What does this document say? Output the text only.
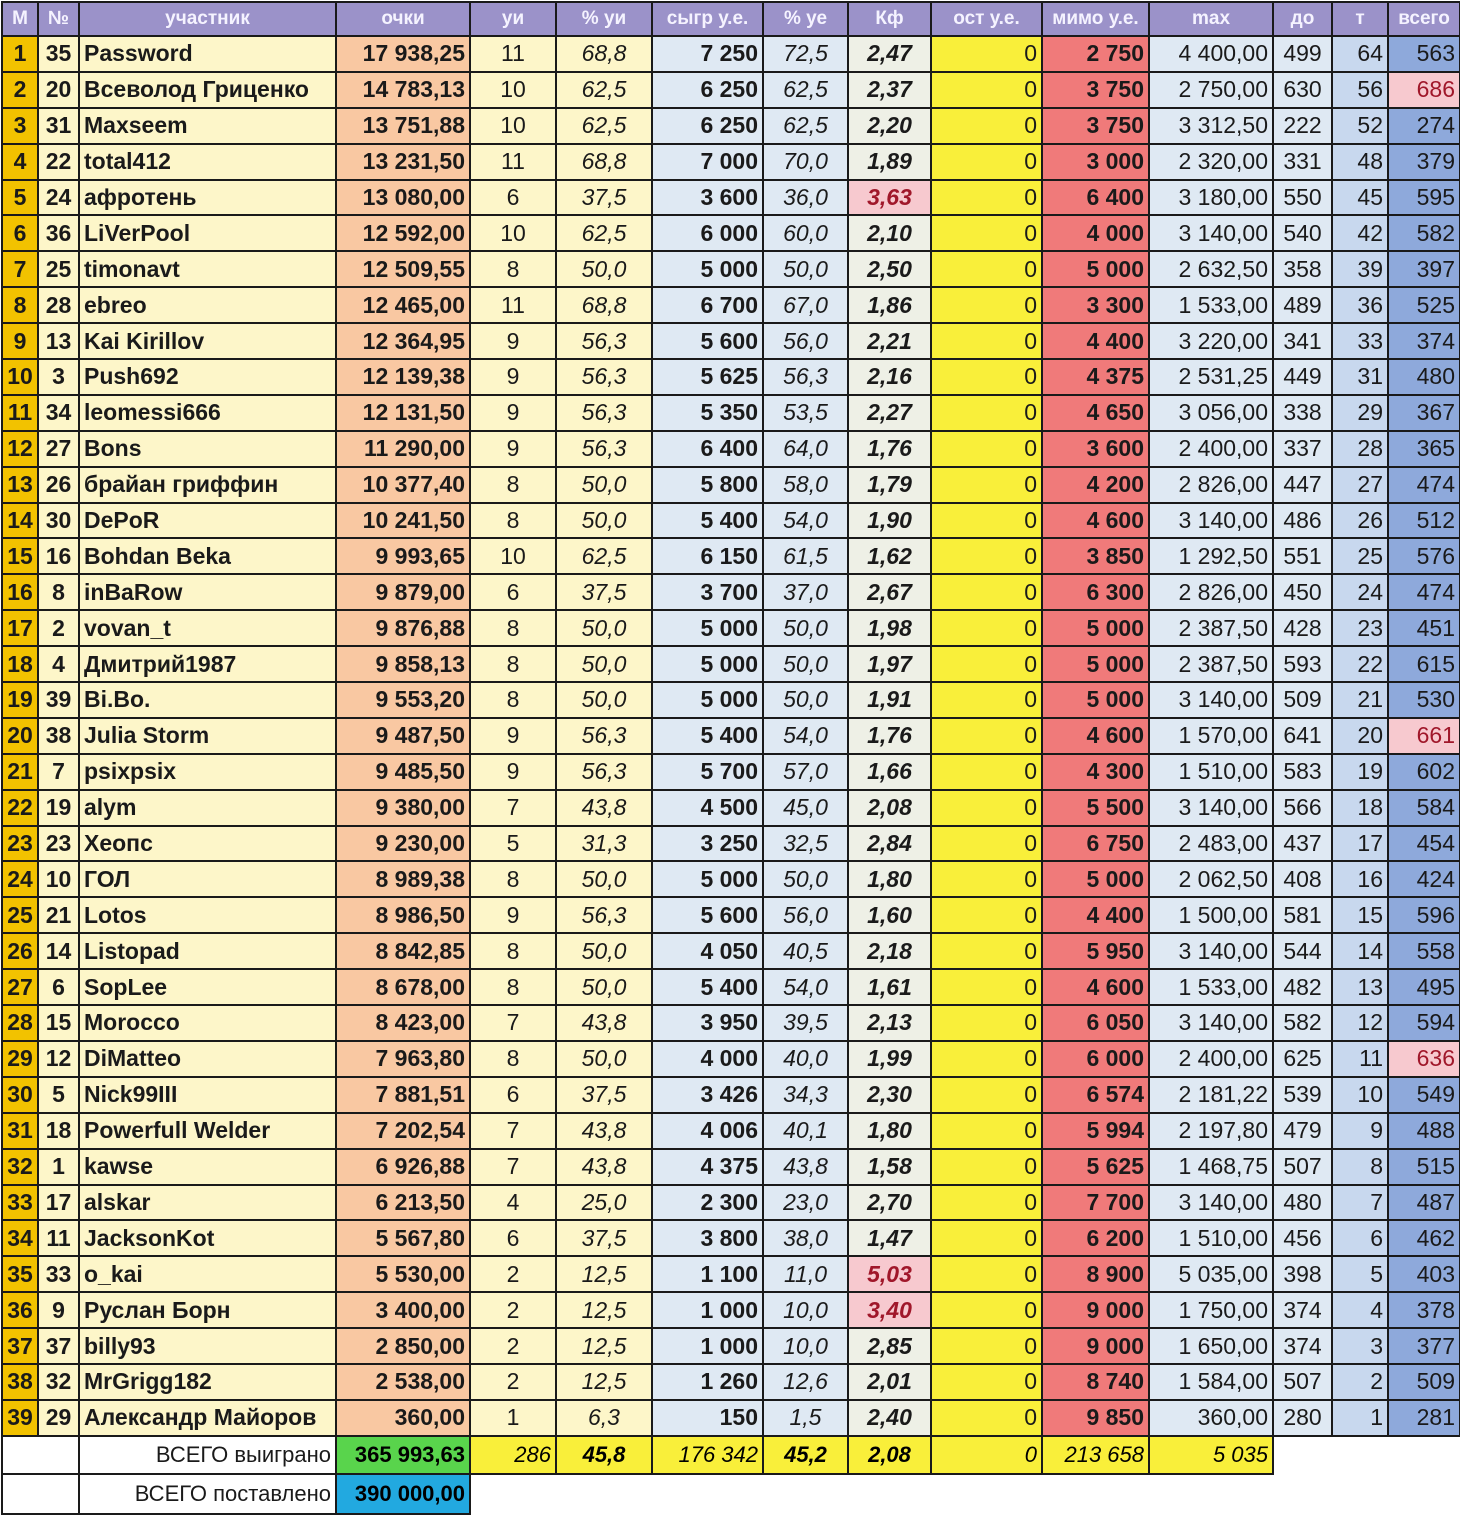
М	№	участник	очки	уи	% уи	сыгр у.е.	% уе	Кф	ост у.е.	мимо у.е.	max	до	т	всего
1	35	Password	17 938,25	11	68,8	7 250	72,5	2,47	0	2 750	4 400,00	499	64	563
2	20	Всеволод Гриценко	14 783,13	10	62,5	6 250	62,5	2,37	0	3 750	2 750,00	630	56	686
3	31	Maxseem	13 751,88	10	62,5	6 250	62,5	2,20	0	3 750	3 312,50	222	52	274
4	22	total412	13 231,50	11	68,8	7 000	70,0	1,89	0	3 000	2 320,00	331	48	379
5	24	афротень	13 080,00	6	37,5	3 600	36,0	3,63	0	6 400	3 180,00	550	45	595
6	36	LiVerPool	12 592,00	10	62,5	6 000	60,0	2,10	0	4 000	3 140,00	540	42	582
7	25	timonavt	12 509,55	8	50,0	5 000	50,0	2,50	0	5 000	2 632,50	358	39	397
8	28	ebreo	12 465,00	11	68,8	6 700	67,0	1,86	0	3 300	1 533,00	489	36	525
9	13	Kai Kirillov	12 364,95	9	56,3	5 600	56,0	2,21	0	4 400	3 220,00	341	33	374
10	3	Push692	12 139,38	9	56,3	5 625	56,3	2,16	0	4 375	2 531,25	449	31	480
11	34	leomessi666	12 131,50	9	56,3	5 350	53,5	2,27	0	4 650	3 056,00	338	29	367
12	27	Bons	11 290,00	9	56,3	6 400	64,0	1,76	0	3 600	2 400,00	337	28	365
13	26	брайан гриффин	10 377,40	8	50,0	5 800	58,0	1,79	0	4 200	2 826,00	447	27	474
14	30	DePoR	10 241,50	8	50,0	5 400	54,0	1,90	0	4 600	3 140,00	486	26	512
15	16	Bohdan Beka	9 993,65	10	62,5	6 150	61,5	1,62	0	3 850	1 292,50	551	25	576
16	8	inBaRow	9 879,00	6	37,5	3 700	37,0	2,67	0	6 300	2 826,00	450	24	474
17	2	vovan_t	9 876,88	8	50,0	5 000	50,0	1,98	0	5 000	2 387,50	428	23	451
18	4	Дмитрий1987	9 858,13	8	50,0	5 000	50,0	1,97	0	5 000	2 387,50	593	22	615
19	39	Bi.Bo.	9 553,20	8	50,0	5 000	50,0	1,91	0	5 000	3 140,00	509	21	530
20	38	Julia Storm	9 487,50	9	56,3	5 400	54,0	1,76	0	4 600	1 570,00	641	20	661
21	7	psixpsix	9 485,50	9	56,3	5 700	57,0	1,66	0	4 300	1 510,00	583	19	602
22	19	alym	9 380,00	7	43,8	4 500	45,0	2,08	0	5 500	3 140,00	566	18	584
23	23	Хеопс	9 230,00	5	31,3	3 250	32,5	2,84	0	6 750	2 483,00	437	17	454
24	10	ГОЛ	8 989,38	8	50,0	5 000	50,0	1,80	0	5 000	2 062,50	408	16	424
25	21	Lotos	8 986,50	9	56,3	5 600	56,0	1,60	0	4 400	1 500,00	581	15	596
26	14	Listopad	8 842,85	8	50,0	4 050	40,5	2,18	0	5 950	3 140,00	544	14	558
27	6	SopLee	8 678,00	8	50,0	5 400	54,0	1,61	0	4 600	1 533,00	482	13	495
28	15	Morocco	8 423,00	7	43,8	3 950	39,5	2,13	0	6 050	3 140,00	582	12	594
29	12	DiMatteo	7 963,80	8	50,0	4 000	40,0	1,99	0	6 000	2 400,00	625	11	636
30	5	Nick99III	7 881,51	6	37,5	3 426	34,3	2,30	0	6 574	2 181,22	539	10	549
31	18	Powerfull Welder	7 202,54	7	43,8	4 006	40,1	1,80	0	5 994	2 197,80	479	9	488
32	1	kawse	6 926,88	7	43,8	4 375	43,8	1,58	0	5 625	1 468,75	507	8	515
33	17	alskar	6 213,50	4	25,0	2 300	23,0	2,70	0	7 700	3 140,00	480	7	487
34	11	JacksonKot	5 567,80	6	37,5	3 800	38,0	1,47	0	6 200	1 510,00	456	6	462
35	33	o_kai	5 530,00	2	12,5	1 100	11,0	5,03	0	8 900	5 035,00	398	5	403
36	9	Руслан Борн	3 400,00	2	12,5	1 000	10,0	3,40	0	9 000	1 750,00	374	4	378
37	37	billy93	2 850,00	2	12,5	1 000	10,0	2,85	0	9 000	1 650,00	374	3	377
38	32	MrGrigg182	2 538,00	2	12,5	1 260	12,6	2,01	0	8 740	1 584,00	507	2	509
39	29	Александр Майоров	360,00	1	6,3	150	1,5	2,40	0	9 850	360,00	280	1	281
		ВСЕГО выиграно	365 993,63	286	45,8	176 342	45,2	2,08	0	213 658	5 035			
		ВСЕГО поставлено	390 000,00											
